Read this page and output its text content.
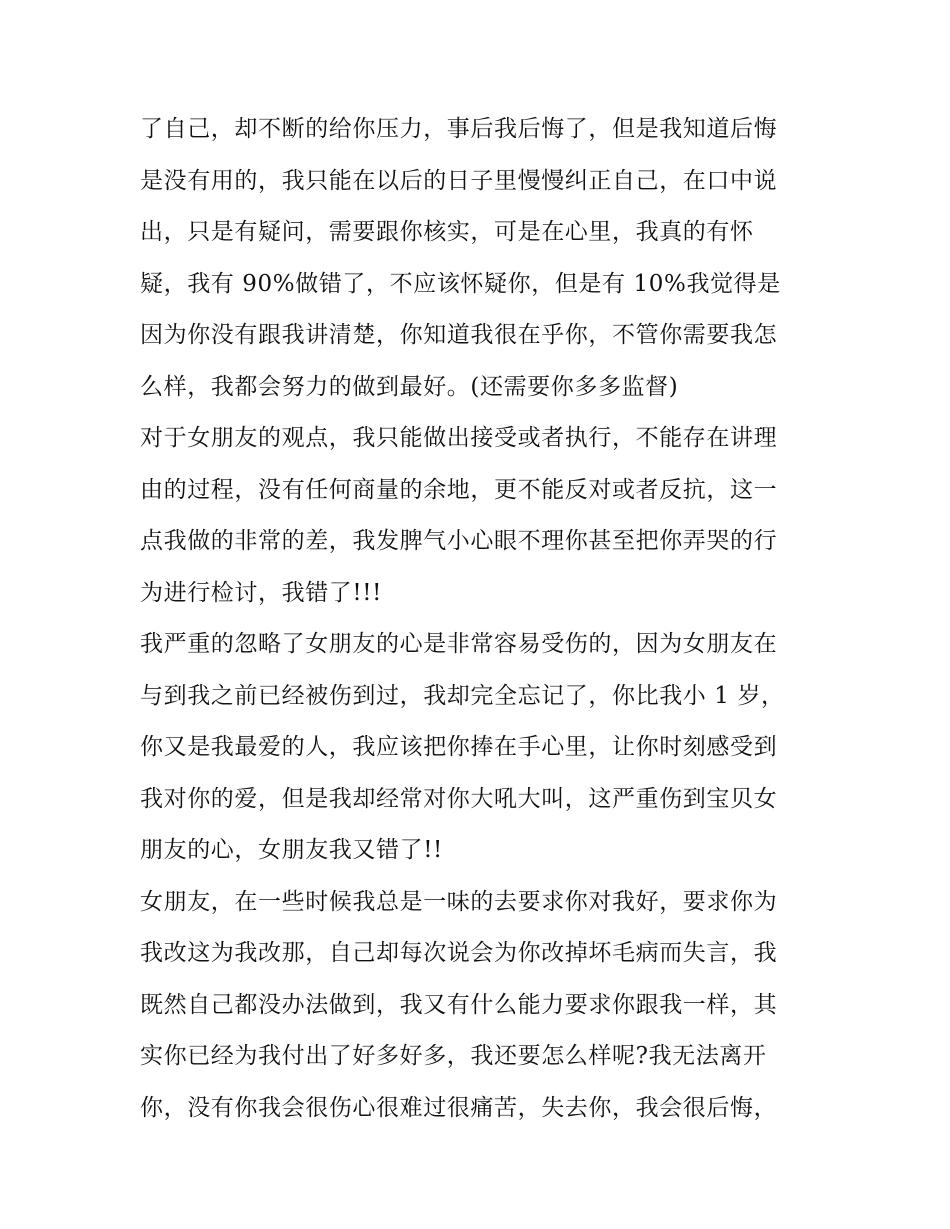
了自己，却不断的给你压力，事后我后悔了，但是我知道后悔
是没有用的，我只能在以后的日子里慢慢纠正自己，在口中说
出，只是有疑问，需要跟你核实，可是在心里，我真的有怀
疑，我有 90%做错了，不应该怀疑你，但是有 10%我觉得是
因为你没有跟我讲清楚，你知道我很在乎你，不管你需要我怎
么样，我都会努力的做到最好。(还需要你多多监督)
对于女朋友的观点，我只能做出接受或者执行，不能存在讲理
由的过程，没有任何商量的余地，更不能反对或者反抗，这一
点我做的非常的差，我发脾气小心眼不理你甚至把你弄哭的行
为进行检讨，我错了!!!
我严重的忽略了女朋友的心是非常容易受伤的，因为女朋友在
与到我之前已经被伤到过，我却完全忘记了，你比我小 1 岁，
你又是我最爱的人，我应该把你捧在手心里，让你时刻感受到
我对你的爱，但是我却经常对你大吼大叫，这严重伤到宝贝女
朋友的心，女朋友我又错了!!
女朋友，在一些时候我总是一味的去要求你对我好，要求你为
我改这为我改那，自己却每次说会为你改掉坏毛病而失言，我
既然自己都没办法做到，我又有什么能力要求你跟我一样，其
实你已经为我付出了好多好多，我还要怎么样呢?我无法离开
你，没有你我会很伤心很难过很痛苦，失去你，我会很后悔，
